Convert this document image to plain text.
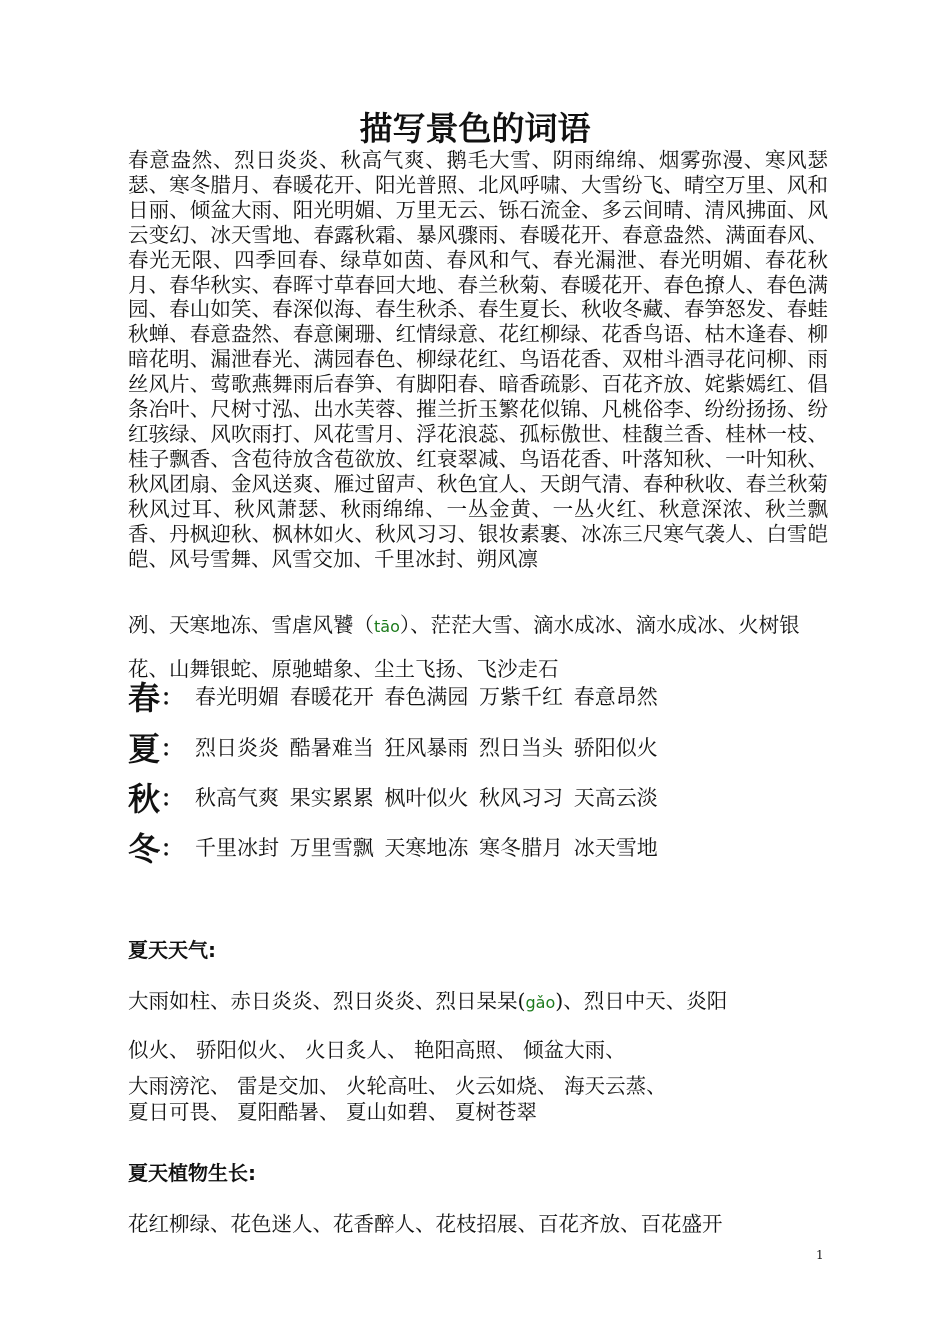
描写景色的词语
春意盎然、烈日炎炎、秋高气爽、鹅毛大雪、阴雨绵绵、烟雾弥漫、寒风瑟瑟、寒冬腊月、春暖花开、阳光普照、北风呼啸、大雪纷飞、晴空万里、风和日丽、倾盆大雨、阳光明媚、万里无云、铄石流金、多云间晴、清风拂面、风云变幻、冰天雪地、春露秋霜、暴风骤雨、春暖花开、春意盎然、满面春风、春光无限、四季回春、绿草如茵、春风和气、春光漏泄、春光明媚、春花秋月、春华秋实、春晖寸草春回大地、春兰秋菊、春暖花开、春色撩人、春色满园、春山如笑、春深似海、春生秋杀、春生夏长、秋收冬藏、春笋怒发、春蛙秋蝉、春意盎然、春意阑珊、红情绿意、花红柳绿、花香鸟语、枯木逢春、柳暗花明、漏泄春光、满园春色、柳绿花红、鸟语花香、双柑斗酒寻花问柳、雨丝风片、莺歌燕舞雨后春笋、有脚阳春、暗香疏影、百花齐放、姹紫嫣红、倡条冶叶、尺树寸泓、出水芙蓉、摧兰折玉繁花似锦、凡桃俗李、纷纷扬扬、纷红骇绿、风吹雨打、风花雪月、浮花浪蕊、孤标傲世、桂馥兰香、桂林一枝、桂子飘香、含苞待放含苞欲放、红衰翠减、鸟语花香、叶落知秋、一叶知秋、秋风团扇、金风送爽、雁过留声、秋色宜人、天朗气清、春种秋收、春兰秋菊秋风过耳、秋风萧瑟、秋雨绵绵、一丛金黄、一丛火红、秋意深浓、秋兰飘香、丹枫迎秋、枫林如火、秋风习习、银妆素裹、冰冻三尺寒气袭人、白雪皑皑、风号雪舞、风雪交加、千里冰封、朔风凛
冽、天寒地冻、雪虐风饕（tāo）、茫茫大雪、滴水成冰、滴水成冰、火树银花、山舞银蛇、原驰蜡象、尘土飞扬、飞沙走石
春 ： 春光明媚 春暖花开 春色满园 万紫千红 春意昂然
夏 ： 烈日炎炎 酷暑难当 狂风暴雨 烈日当头 骄阳似火
秋 ： 秋高气爽 果实累累 枫叶似火 秋风习习 天高云淡
冬 ： 千里冰封 万里雪飘 天寒地冻 寒冬腊月 冰天雪地
夏天天气:
大雨如柱、赤日炎炎、烈日炎炎、烈日杲杲(gǎo)、烈日中天、炎阳
似火、 骄阳似火、 火日炙人、 艳阳高照、 倾盆大雨、
大雨滂沱、 雷是交加、 火轮高吐、 火云如烧、 海天云蒸、
夏日可畏、 夏阳酷暑、 夏山如碧、 夏树苍翠
夏天植物生长:
花红柳绿、花色迷人、花香醉人、花枝招展、百花齐放、百花盛开
1
